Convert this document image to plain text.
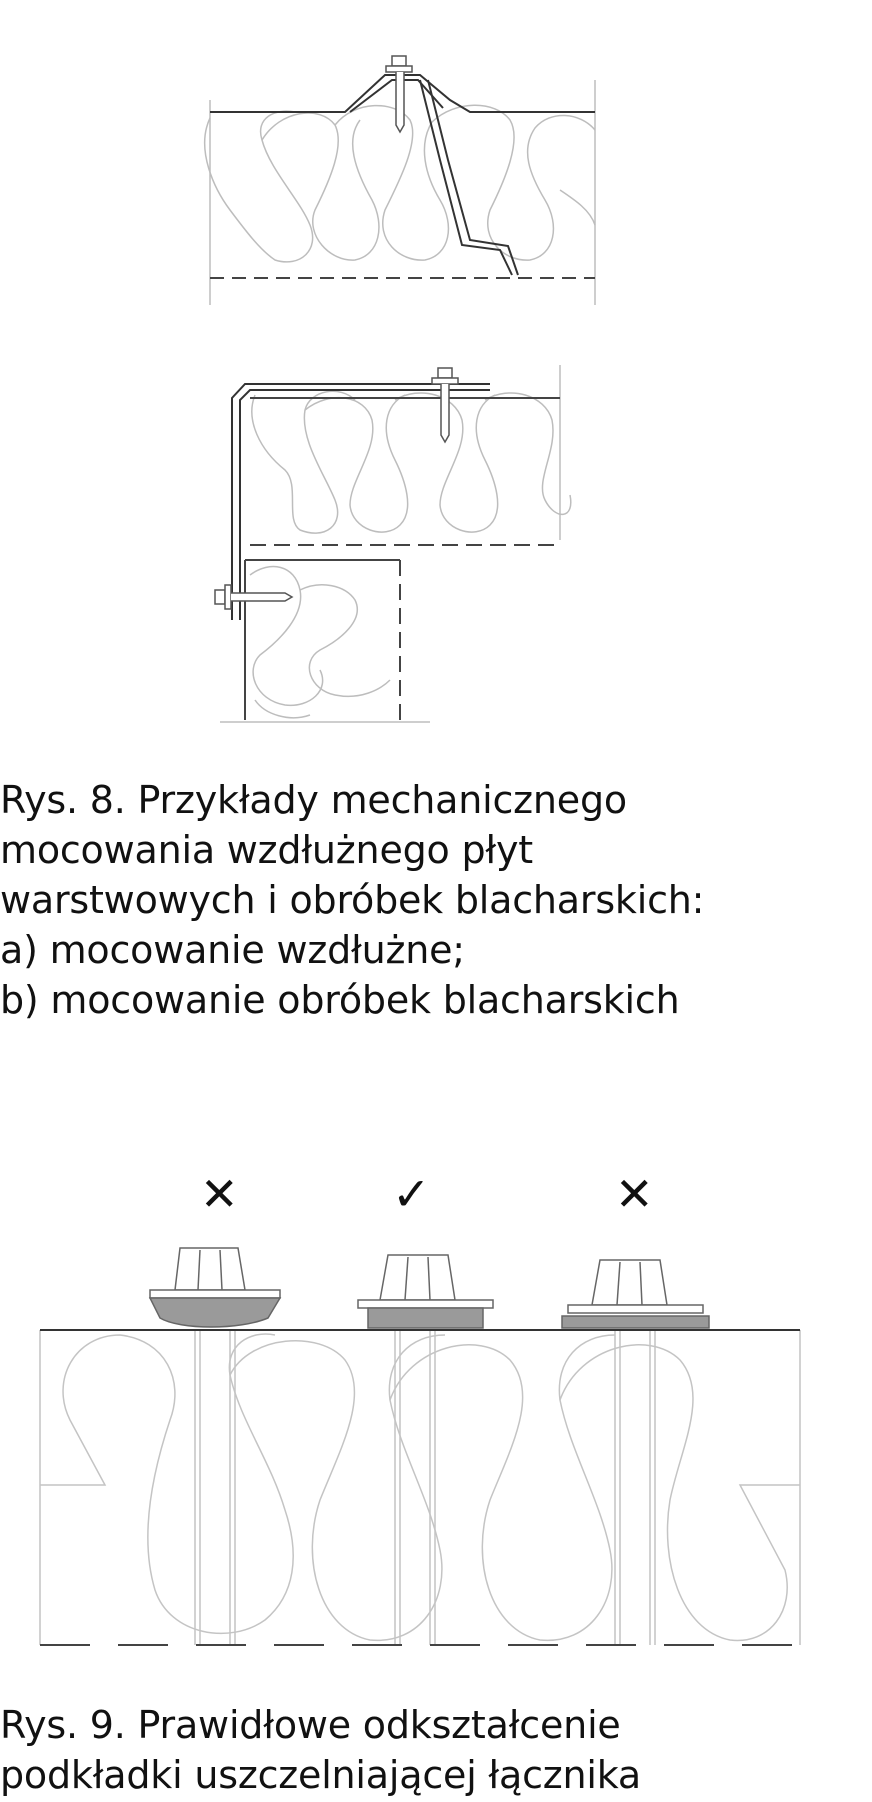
Rys. 8. Przykłady mechanicznego
mocowania wzdłużnego płyt
warstwowych i obróbek blacharskich:
a) mocowanie wzdłużne;
b) mocowanie obróbek blacharskich
✕	✓	✕
Rys. 9. Prawidłowe odkształcenie
podkładki uszczelniającej łącznika
